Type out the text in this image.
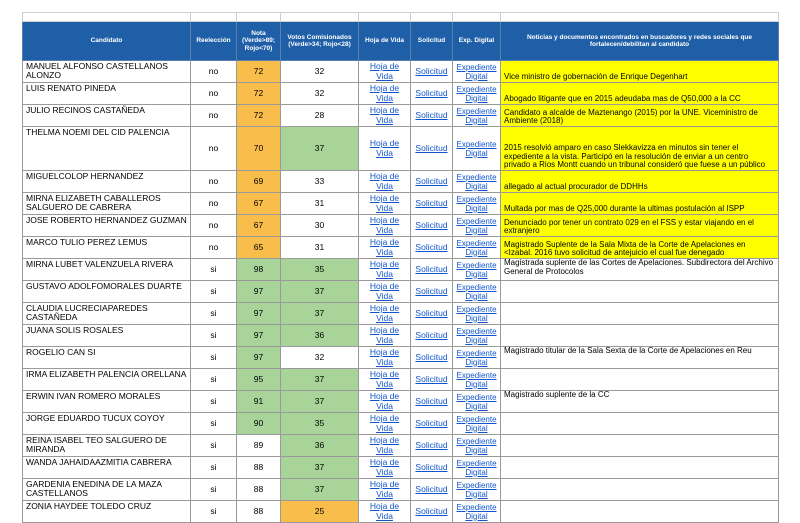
Candidato	Reelección	Nota (Verde>89; Rojo<70)	Votos Comisionados (Verde>34; Rojo<28)	Hoja de Vida	Solicitud	Exp. Digital	Noticias y documentos encontrados en buscadores y redes sociales que fortalecen/debilitan al candidato
MANUEL ALFONSO CASTELLANOS ALONZO	no	72	32	Hoja de Vida	Solicitud	Expediente Digital	Vice ministro de gobernación de Enrique Degenhart
LUIS RENATO PINEDA	no	72	32	Hoja de Vida	Solicitud	Expediente Digital	Abogado litigante que en 2015 adeudaba mas de Q50,000 a la CC
JULIO RECINOS CASTAÑEDA	no	72	28	Hoja de Vida	Solicitud	Expediente Digital	Candidato a alcalde de Maztenango (2015) por la UNE. Viceministro de Ambiente (2018)
THELMA NOEMI DEL CID PALENCIA	no	70	37	Hoja de Vida	Solicitud	Expediente Digital	2015 resolvió amparo en caso Slekkavizza en minutos sin tener el expediente a la vista. Participó en la resolución de enviar a un centro privado a Rios Montt cuando un tribunal consideró que fuese a un público
MIGUELCOLOP HERNANDEZ	no	69	33	Hoja de Vida	Solicitud	Expediente Digital	allegado al actual procurador de DDHHs
MIRNA ELIZABETH CABALLEROS SALGUERO DE CABRERA	no	67	31	Hoja de Vida	Solicitud	Expediente Digital	Multada por mas de Q25,000 durante la ultimas postulación al ISPP
JOSE ROBERTO HERNANDEZ GUZMAN	no	67	30	Hoja de Vida	Solicitud	Expediente Digital	Denunciado por tener un contrato 029 en el FSS y estar viajando en el extranjero
MARCO TULIO PEREZ LEMUS	no	65	31	Hoja de Vida	Solicitud	Expediente Digital	Magistrado Suplente de la Sala Mixta de la Corte de Apelaciones en <Izabal. 2016 tuvo solicitud de antejuicio el cual fue denegado
MIRNA LUBET VALENZUELA RIVERA	si	98	35	Hoja de Vida	Solicitud	Expediente Digital	Magistrada suplente de las Cortes de Apelaciones. Subdirectora del Archivo General de Protocolos
GUSTAVO ADOLFOMORALES DUARTE	si	97	37	Hoja de Vida	Solicitud	Expediente Digital	
CLAUDIA LUCRECIAPAREDES CASTAÑEDA	si	97	37	Hoja de Vida	Solicitud	Expediente Digital	
JUANA SOLIS ROSALES	si	97	36	Hoja de Vida	Solicitud	Expediente Digital	
ROGELIO CAN SI	si	97	32	Hoja de Vida	Solicitud	Expediente Digital	Magistrado titular de la Sala Sexta de la Corte de Apelaciones en Reu
IRMA ELIZABETH PALENCIA ORELLANA	si	95	37	Hoja de Vida	Solicitud	Expediente Digital	
ERWIN IVAN ROMERO MORALES	si	91	37	Hoja de Vida	Solicitud	Expediente Digital	Magistrado suplente de la CC
JORGE EDUARDO TUCUX COYOY	si	90	35	Hoja de Vida	Solicitud	Expediente Digital	
REINA ISABEL TEO SALGUERO DE MIRANDA	si	89	36	Hoja de Vida	Solicitud	Expediente Digital	
WANDA JAHAIDAAZMITIA CABRERA	si	88	37	Hoja de Vida	Solicitud	Expediente Digital	
GARDENIA ENEDINA DE LA MAZA CASTELLANOS	si	88	37	Hoja de Vida	Solicitud	Expediente Digital	
ZONIA HAYDEE TOLEDO CRUZ	si	88	25	Hoja de Vida	Solicitud	Expediente Digital	
